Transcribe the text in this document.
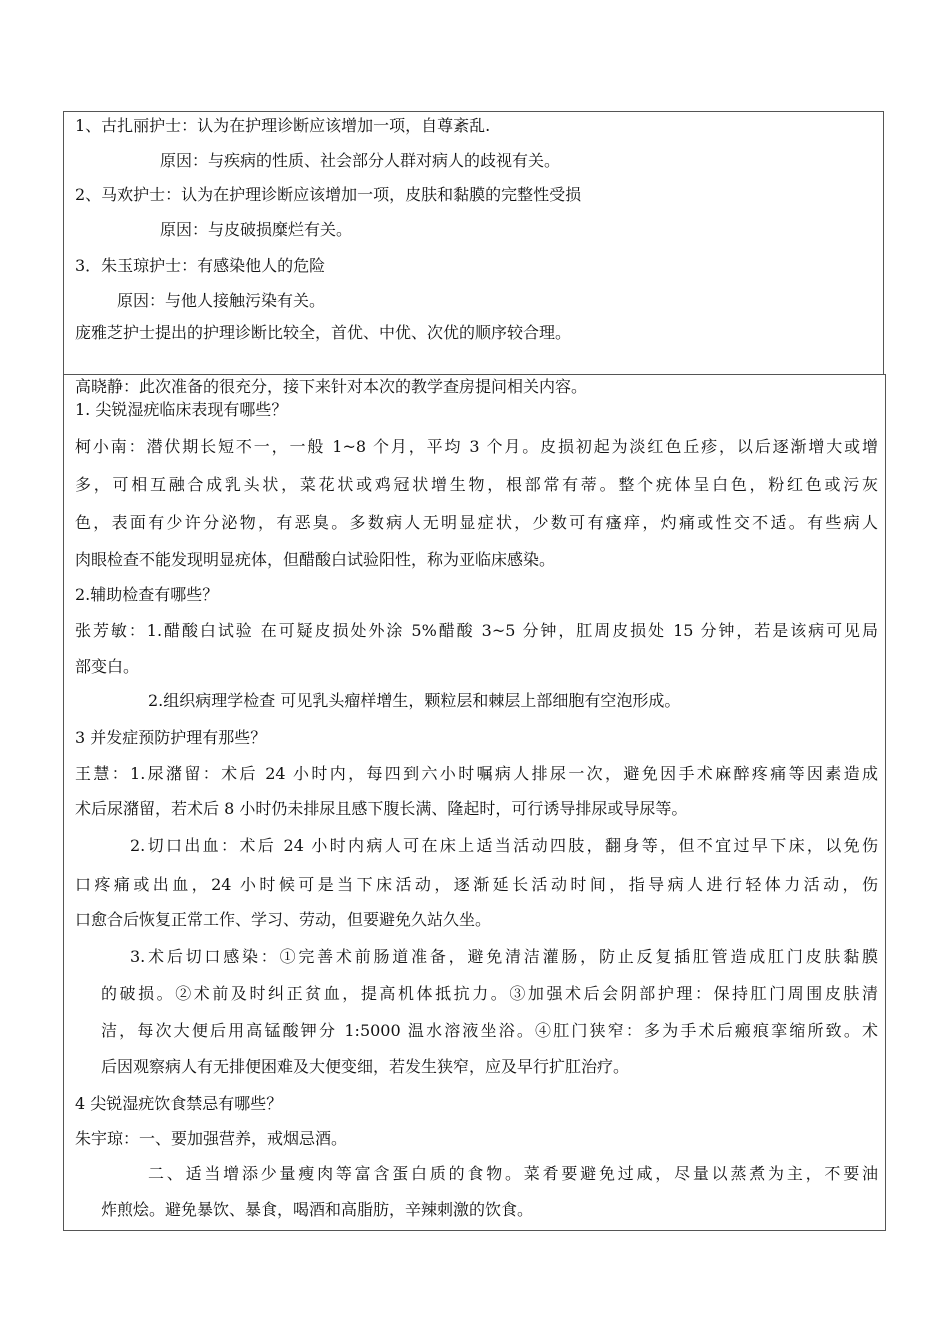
1、古扎丽护士：认为在护理诊断应该增加一项，自尊紊乱.
原因：与疾病的性质、社会部分人群对病人的歧视有关。
2、马欢护士：认为在护理诊断应该增加一项，皮肤和黏膜的完整性受损
原因：与皮破损糜烂有关。
3．朱玉琼护士：有感染他人的危险
原因：与他人接触污染有关。
庞雅芝护士提出的护理诊断比较全，首优、中优、次优的顺序较合理。
高晓静：此次准备的很充分，接下来针对本次的教学查房提问相关内容。
1. 尖锐湿疣临床表现有哪些？
柯小南：潜伏期长短不一，一般 1~8 个月，平均 3 个月。皮损初起为淡红色丘疹，以后逐渐增大或增
多，可相互融合成乳头状，菜花状或鸡冠状增生物，根部常有蒂。整个疣体呈白色，粉红色或污灰
色，表面有少许分泌物，有恶臭。多数病人无明显症状，少数可有瘙痒，灼痛或性交不适。有些病人
肉眼检查不能发现明显疣体，但醋酸白试验阳性，称为亚临床感染。
2.辅助检查有哪些？
张芳敏：1.醋酸白试验 在可疑皮损处外涂 5%醋酸 3~5 分钟，肛周皮损处 15 分钟，若是该病可见局
部变白。
2.组织病理学检查 可见乳头瘤样增生，颗粒层和棘层上部细胞有空泡形成。
3 并发症预防护理有那些？
王慧：1.尿潴留：术后 24 小时内，每四到六小时嘱病人排尿一次，避免因手术麻醉疼痛等因素造成
术后尿潴留，若术后 8 小时仍未排尿且感下腹长满、隆起时，可行诱导排尿或导尿等。
2.切口出血：术后 24 小时内病人可在床上适当活动四肢，翻身等，但不宜过早下床，以免伤
口疼痛或出血，24 小时候可是当下床活动，逐渐延长活动时间，指导病人进行轻体力活动，伤
口愈合后恢复正常工作、学习、劳动，但要避免久站久坐。
3.术后切口感染：①完善术前肠道准备，避免清洁灌肠，防止反复插肛管造成肛门皮肤黏膜
的破损。②术前及时纠正贫血，提高机体抵抗力。③加强术后会阴部护理：保持肛门周围皮肤清
洁，每次大便后用高锰酸钾分 1:5000 温水溶液坐浴。④肛门狭窄：多为手术后瘢痕挛缩所致。术
后因观察病人有无排便困难及大便变细，若发生狭窄，应及早行扩肛治疗。
4 尖锐湿疣饮食禁忌有哪些？
朱宇琼：一、要加强营养，戒烟忌酒。
二、适当增添少量瘦肉等富含蛋白质的食物。菜肴要避免过咸，尽量以蒸煮为主，不要油
炸煎烩。避免暴饮、暴食，喝酒和高脂肪，辛辣刺激的饮食。
